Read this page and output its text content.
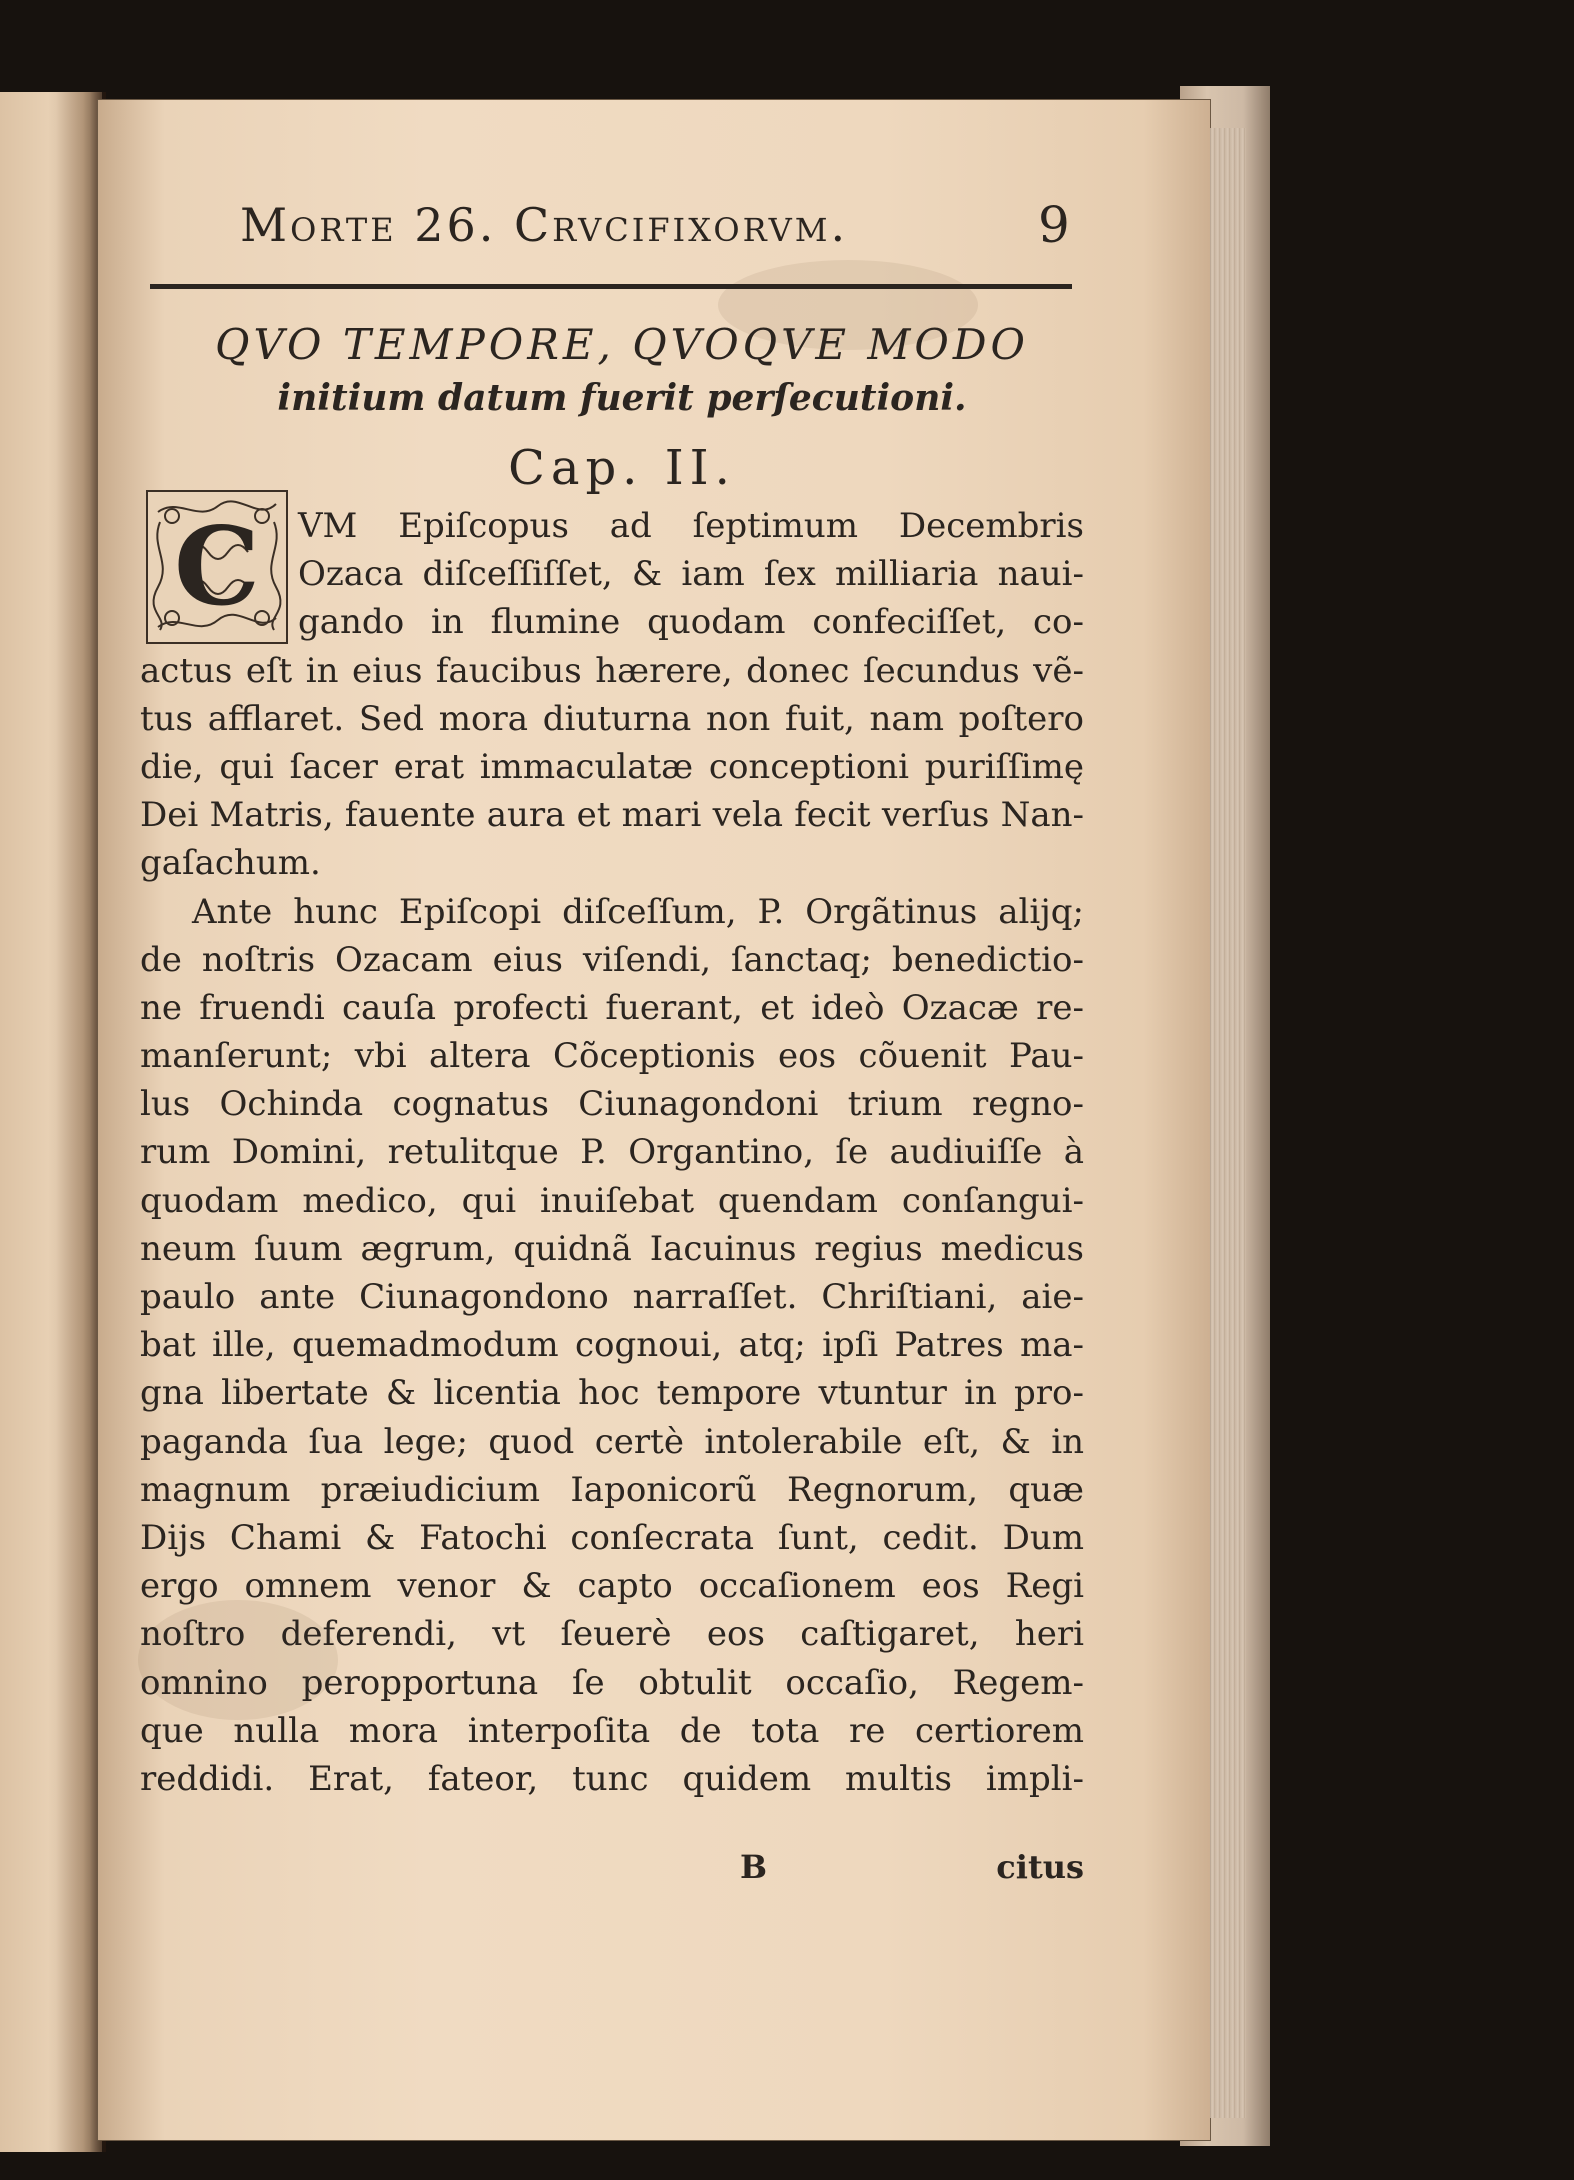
Morte 26. Crvcifixorvm.	9
QVO TEMPORE, QVOQVE MODO
initium datum fuerit perſecutioni.
Cap. II.
C	VM Epiſcopus ad ſeptimum Decembris
Ozaca diſceſſiſſet, & iam ſex milliaria naui-
gando in flumine quodam confeciſſet, co-
actus eſt in eius faucibus hærere, donec ſecundus vẽ-
tus afflaret. Sed mora diuturna non fuit, nam poſtero
die, qui ſacer erat immaculatæ conceptioni puriſſimę
Dei Matris, fauente aura et mari vela fecit verſus Nan-
gaſachum.
Ante hunc Epiſcopi diſceſſum, P. Orgãtinus alijq;
de noſtris Ozacam eius viſendi, ſanctaq; benedictio-
ne fruendi cauſa profecti fuerant, et ideò Ozacæ re-
manſerunt; vbi altera Cõceptionis eos cõuenit Pau-
lus Ochinda cognatus Ciunagondoni trium regno-
rum Domini, retulitque P. Organtino, ſe audiuiſſe à
quodam medico, qui inuiſebat quendam conſangui-
neum ſuum ægrum, quidnã Iacuinus regius medicus
paulo ante Ciunagondono narraſſet. Chriſtiani, aie-
bat ille, quemadmodum cognoui, atq; ipſi Patres ma-
gna libertate & licentia hoc tempore vtuntur in pro-
paganda ſua lege; quod certè intolerabile eſt, & in
magnum præiudicium Iaponicorũ Regnorum, quæ
Dijs Chami & Fatochi conſecrata ſunt, cedit. Dum
ergo omnem venor & capto occaſionem eos Regi
noſtro deferendi, vt ſeuerè eos caſtigaret, heri
omnino peropportuna ſe obtulit occaſio, Regem-
que nulla mora interpoſita de tota re certiorem
reddidi. Erat, fateor, tunc quidem multis impli-
B	citus
